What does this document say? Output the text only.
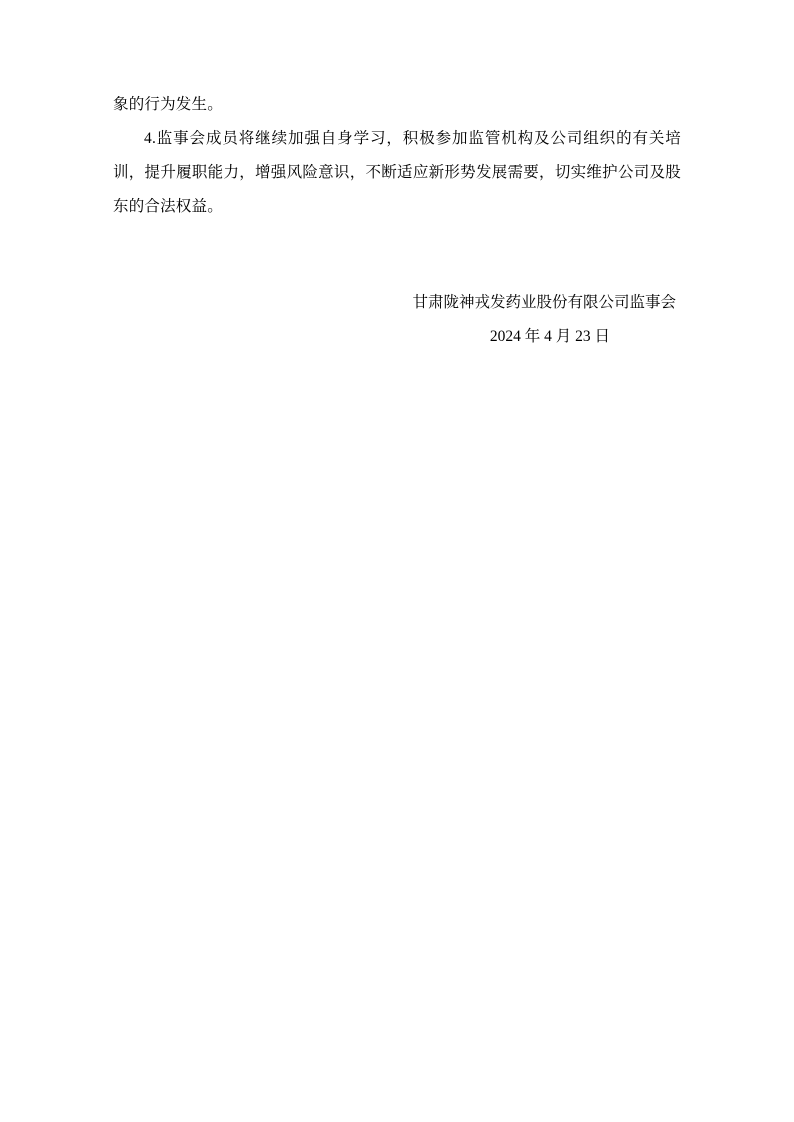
象的行为发生。

4.监事会成员将继续加强自身学习，积极参加监管机构及公司组织的有关培训，提升履职能力，增强风险意识，不断适应新形势发展需要，切实维护公司及股东的合法权益。

甘肃陇神戎发药业股份有限公司监事会

2024 年 4 月 23 日
